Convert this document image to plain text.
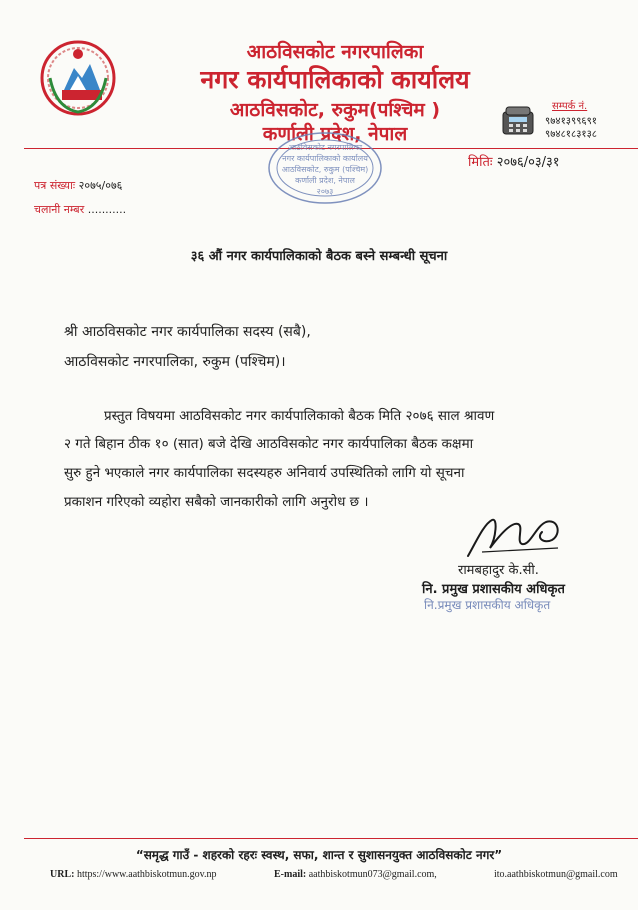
आठविसकोट नगरपालिका
नगर कार्यपालिकाको कार्यालय
आठविसकोट, रुकुम(पश्चिम )
कर्णाली प्रदेश, नेपाल
सम्पर्क नं.
९७४१३९९६९१
९७४८१८३१३८
आठविसकोट नगरपालिका
नगर कार्यपालिकाको कार्यालय
आठविसकोट, रुकुम (पश्चिम)
कर्णाली प्रदेश, नेपाल
२०७३
मितिः २०७६/०३/३१
पत्र संख्याः २०७५/०७६
चलानी नम्बर ...........
३६ औं नगर कार्यपालिकाको बैठक बस्ने सम्बन्धी सूचना
श्री आठविसकोट नगर कार्यपालिका सदस्य (सबै),
आठविसकोट नगरपालिका, रुकुम (पश्चिम)।
प्रस्तुत विषयमा आठविसकोट नगर कार्यपालिकाको बैठक मिति २०७६ साल श्रावण
२ गते बिहान ठीक १० (सात) बजे देखि आठविसकोट नगर कार्यपालिका बैठक कक्षमा
सुरु हुने भएकाले नगर कार्यपालिका सदस्यहरु अनिवार्य उपस्थितिको लागि यो सूचना
प्रकाशन गरिएको व्यहोरा सबैको जानकारीको लागि अनुरोध छ ।
रामबहादुर के.सी.
नि. प्रमुख प्रशासकीय अधिकृत
नि.प्रमुख प्रशासकीय अधिकृत
“समृद्ध गाउँ - शहरको रहरः स्वस्थ, सफा, शान्त र सुशासनयुक्त आठविसकोट नगर”
URL: https://www.aathbiskotmun.gov.np	E-mail: aathbiskotmun073@gmail.com,	ito.aathbiskotmun@gmail.com
